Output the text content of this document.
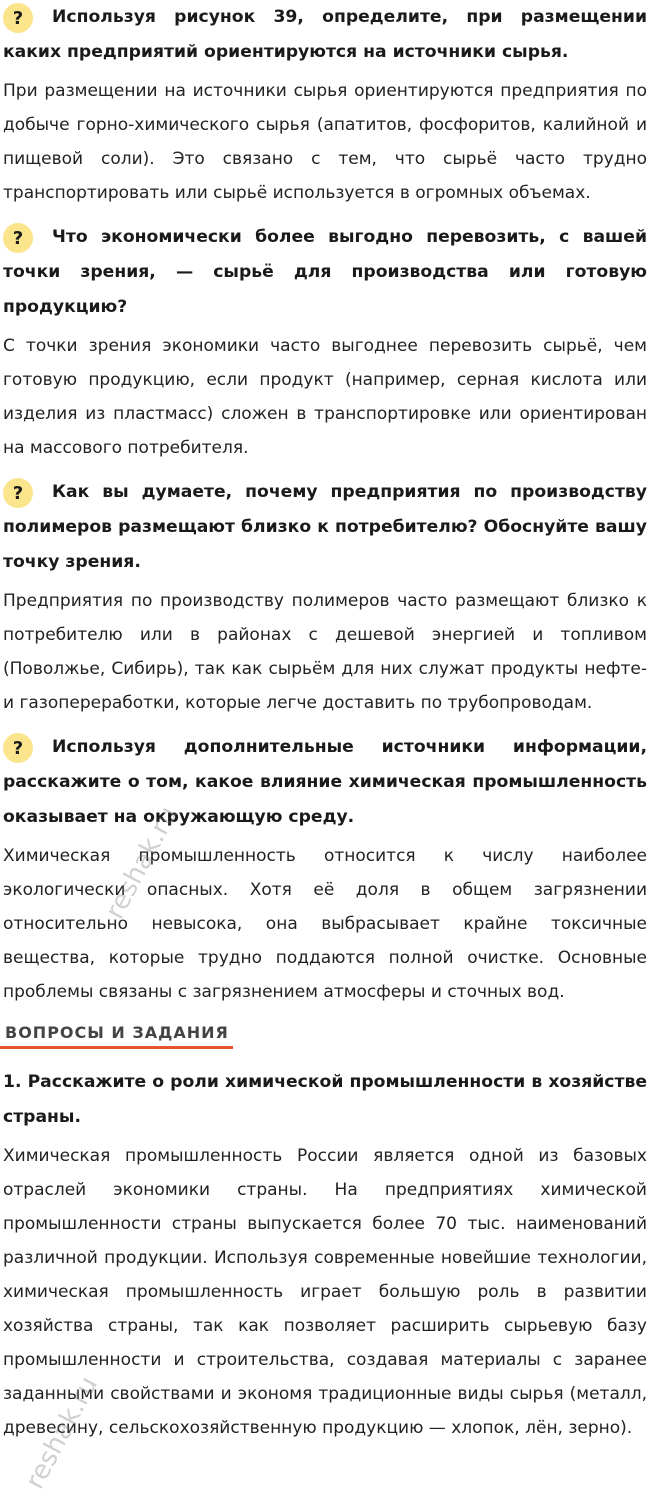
?	Используя рисунок 39, определите, при размещении каких предприятий ориентируются на источники сырья.

При размещении на источники сырья ориентируются предприятия по добыче горно-химического сырья (апатитов, фосфоритов, калийной и пищевой соли). Это связано с тем, что сырьё часто трудно транспортировать или сырьё используется в огромных объемах.

?	Что экономически более выгодно перевозить, с вашей точки зрения, — сырьё для производства или готовую продукцию?

С точки зрения экономики часто выгоднее перевозить сырьё, чем готовую продукцию, если продукт (например, серная кислота или изделия из пластмасс) сложен в транспортировке или ориентирован на массового потребителя.

?	Как вы думаете, почему предприятия по производству полимеров размещают близко к потребителю? Обоснуйте вашу точку зрения.

Предприятия по производству полимеров часто размещают близко к потребителю или в районах с дешевой энергией и топливом (Поволжье, Сибирь), так как сырьём для них служат продукты нефте- и газопереработки, которые легче доставить по трубопроводам.

?	Используя дополнительные источники информации, расскажите о том, какое влияние химическая промышленность оказывает на окружающую среду.

Химическая промышленность относится к числу наиболее экологически опасных. Хотя её доля в общем загрязнении относительно невысока, она выбрасывает крайне токсичные вещества, которые трудно поддаются полной очистке. Основные проблемы связаны с загрязнением атмосферы и сточных вод.

ВОПРОСЫ И ЗАДАНИЯ

1. Расскажите о роли химической промышленности в хозяйстве страны.

Химическая промышленность России является одной из базовых отраслей экономики страны. На предприятиях химической промышленности страны выпускается более 70 тыс. наименований различной продукции. Используя современные новейшие технологии, химическая промышленность играет большую роль в развитии хозяйства страны, так как позволяет расширить сырьевую базу промышленности и строительства, создавая материалы с заранее заданными свойствами и экономя традиционные виды сырья (металл, древесину, сельскохозяйственную продукцию — хлопок, лён, зерно).

reshak.ru
reshak.ru
